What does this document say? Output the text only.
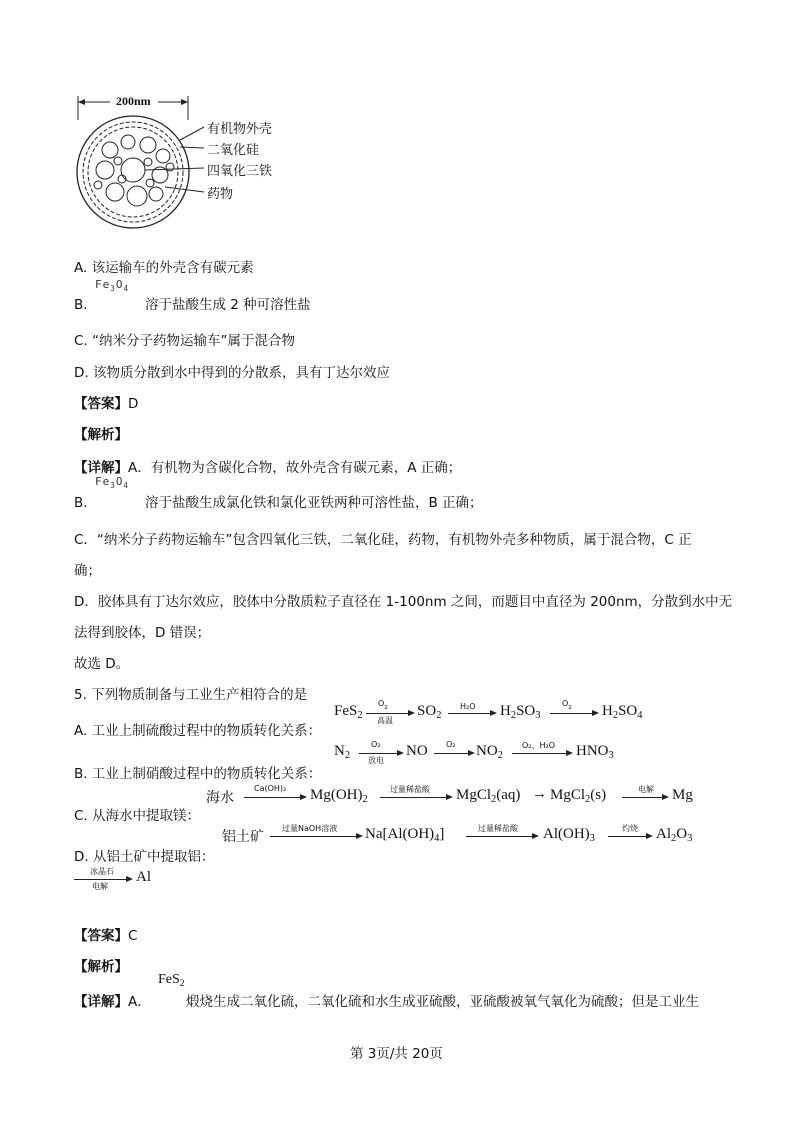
200nm
有机物外壳
二氧化硅
四氧化三铁
药物
A. 该运输车的外壳含有碳元素
$Fe_3O_4$
B.	溶于盐酸生成 2 种可溶性盐
C. “纳米分子药物运输车”属于混合物
D. 该物质分散到水中得到的分散系，具有丁达尔效应
【答案】D
【解析】
【详解】A．有机物为含碳化合物，故外壳含有碳元素，A 正确；
$Fe_3O_4$
B．	溶于盐酸生成氯化铁和氯化亚铁两种可溶性盐，B 正确；
C．“纳米分子药物运输车”包含四氧化三铁，二氧化硅，药物，有机物外壳多种物质，属于混合物，C 正
确；
D．胶体具有丁达尔效应，胶体中分散质粒子直径在 1-100nm 之间，而题目中直径为 200nm，分散到水中无
法得到胶体，D 错误；
故选 D。
5. 下列物质制备与工业生产相符合的是
FeS$_2$
$O_2$
高温
$SO_2$
H₂O $H_2SO_3$
$O_2$ $H_2SO_4$
A. 工业上制硫酸过程中的物质转化关系：
$N_2$
O₂
放电
NO O₂ $NO_2$
O₂、H₂O $HNO_3$
B. 工业上制硝酸过程中的物质转化关系：
海水
Ca(OH)₂ $Mg(OH)_2$
过量稀盐酸 MgCl$_2$(aq) → MgCl$_2$(s)	电解 Mg
C. 从海水中提取镁：
铝土矿
过量NaOH溶液 $Na[Al(OH)_4]$	过量稀盐酸 $Al(OH)_3$
灼烧 $Al_2O_3$
D. 从铝土矿中提取铝：
冰晶石
电解
Al
【答案】C
【解析】
FeS$_2$
【详解】A．	煅烧生成二氧化硫，二氧化硫和水生成亚硫酸，亚硫酸被氧气氧化为硫酸；但是工业生
第 3页/共 20页
